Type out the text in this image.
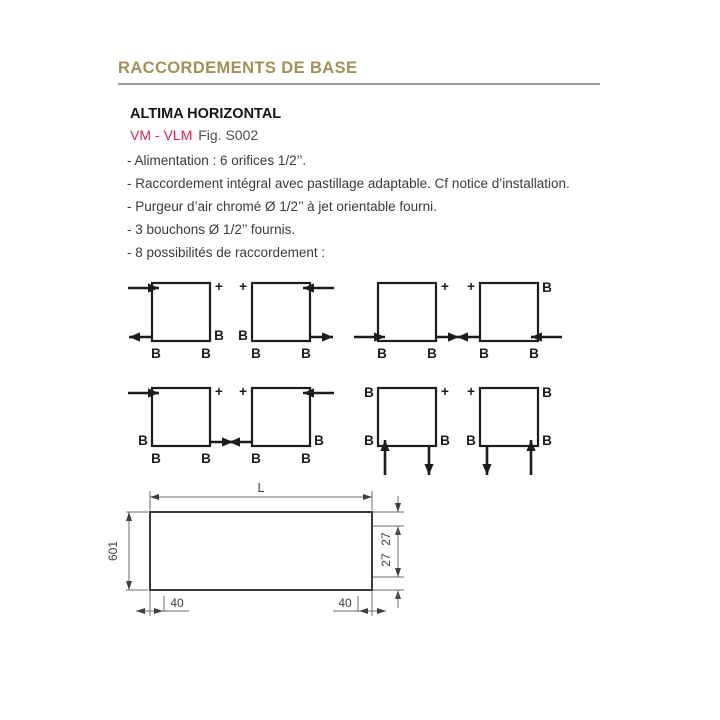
RACCORDEMENTS DE BASE
ALTIMA HORIZONTAL

VM - VLM Fig. S002

- Alimentation : 6 orifices 1/2’’.
- Raccordement intégral avec pastillage adaptable. Cf notice d’installation.
- Purgeur d’air chromé Ø 1/2’’ à jet orientable fourni.
- 3 bouchons Ø 1/2’’ fournis.
- 8 possibilités de raccordement :
+
B
B	B
+
B
B	B
+
B	B
+	B
B	B
+
B
B	B
+
B
B	B
+
B
B	B
+	B
B	B
L
601
27
27
40	40
